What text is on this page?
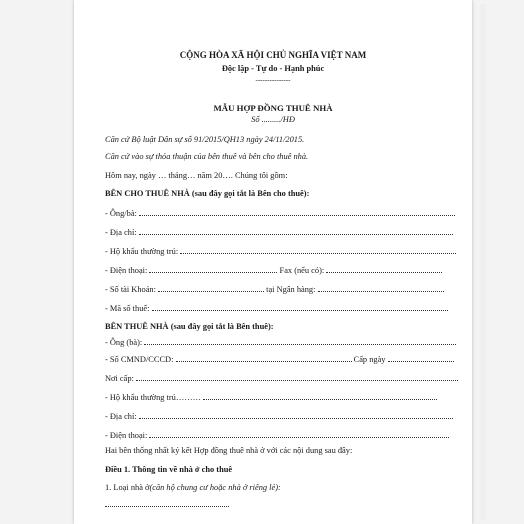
CỘNG HÒA XÃ HỘI CHỦ NGHĨA VIỆT NAM
Độc lập - Tự do - Hạnh phúc
---------------
MẪU HỢP ĐỒNG THUÊ NHÀ
Số ........./HĐ
Căn cứ Bộ luật Dân sự số 91/2015/QH13 ngày 24/11/2015.
Căn cứ vào sự thỏa thuận của bên thuê và bên cho thuê nhà.
Hôm nay, ngày … tháng… năm 20…. Chúng tôi gồm:
BÊN CHO THUÊ NHÀ (sau đây gọi tắt là Bên cho thuê):
- Ông/bà:
- Địa chỉ:
- Hộ khẩu thường trú:
- Điện thoại:	Fax (nếu có):
- Số tài Khoản:	tại Ngân hàng:
- Mã số thuế:
BÊN THUÊ NHÀ (sau đây gọi tắt là Bên thuê):
- Ông (bà):
- Số CMND/CCCD:	Cấp ngày
Nơi cấp:
- Hộ khẩu thường trú………
- Địa chỉ:
- Điện thoại:
Hai bên thống nhất ký kết Hợp đồng thuê nhà ở với các nội dung sau đây:
Điều 1. Thông tin về nhà ở cho thuê
1. Loại nhà ở(căn hộ chung cư hoặc nhà ở riêng lẻ):
